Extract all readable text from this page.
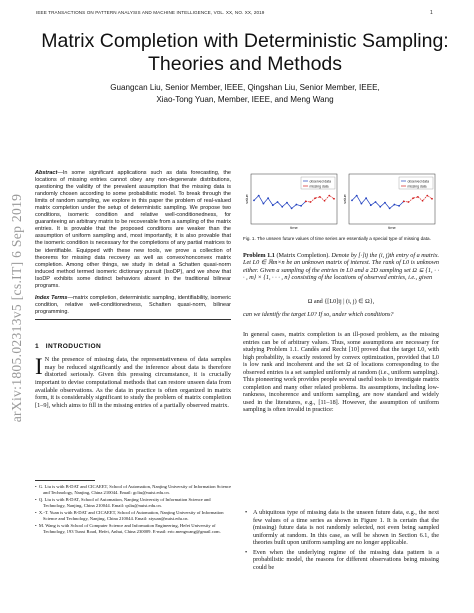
IEEE TRANSACTIONS ON PATTERN ANALYSIS AND MACHINE INTELLIGENCE, VOL. XX, NO. XX, 2019	1
Matrix Completion with Deterministic Sampling: Theories and Methods
Guangcan Liu, Senior Member, IEEE, Qingshan Liu, Senior Member, IEEE,
Xiao-Tong Yuan, Member, IEEE, and Meng Wang
arXiv:1805.02313v5 [cs.IT] 6 Sep 2019
Abstract—In some significant applications such as data forecasting, the locations of missing entries cannot obey any non-degenerate distributions, questioning the validity of the prevalent assumption that the missing data is randomly chosen according to some probabilistic model. To break through the limits of random sampling, we explore in this paper the problem of real-valued matrix completion under the setup of deterministic sampling. We propose two conditions, isomeric condition and relative well-conditionedness, for guaranteeing an arbitrary matrix to be recoverable from a sampling of the matrix entries. It is provable that the proposed conditions are weaker than the assumption of uniform sampling and, most importantly, it is also provable that the isomeric condition is necessary for the completions of any partial matrices to be identifiable. Equipped with these new tools, we prove a collection of theorems for missing data recovery as well as convex/nonconvex matrix completion. Among other things, we study in detail a Schatten quasi-norm induced method termed isomeric dictionary pursuit (IsoDP), and we show that IsoDP exhibits some distinct behaviors absent in the traditional bilinear programs.
Index Terms—matrix completion, deterministic sampling, identifiability, isomeric condition, relative well-conditionedness, Schatten quasi-norm, bilinear programming.
1 INTRODUCTION
I N the presence of missing data, the representativeness of data samples may be reduced significantly and the inference about data is therefore distorted seriously. Given this pressing circumstance, it is crucially important to devise computational methods that can restore unseen data from available observations. As the data in practice is often organized in matrix form, it is considerably significant to study the problem of matrix completion [1–9], which aims to fill in the missing entries of a partially observed matrix.
•  G. Liu is with B-DAT and CICAEET, School of Automation, Nanjing University of Information Science and Technology, Nanjing, China 210044. Email: gcliu@nuist.edu.cn.
•  Q. Liu is with B-DAT, School of Automation, Nanjing University of Information Science and Technology, Nanjing, China 210044. Email: qsliu@nuist.edu.cn.
•  X.-T. Yuan is with B-DAT and CICAEET, School of Automation, Nanjing University of Information Science and Technology, Nanjing, China 210044. Email: xtyuan@nuist.edu.cn.
•  M. Wang is with School of Computer Science and Information Engineering, Hefei University of Technology, 193 Tunxi Road, Hefei, Anhui, China 230009. E-mail: eric.mengwang@gmail.com.
observed data
missing data
time
value
observed data
missing data
time
value
Fig. 1. The unseen future values of time series are essentially a special type of missing data.
Problem 1.1 (Matrix Completion). Denote by [·]ij the (i, j)th entry of a matrix. Let L0 ∈ ℝm×n be an unknown matrix of interest. The rank of L0 is unknown either. Given a sampling of the entries in L0 and a 2D sampling set Ω ⊆ {1, · · · , m} × {1, · · · , n} consisting of the locations of observed entries, i.e., given
Ω and {[L0]ij | (i, j) ∈ Ω},
can we identify the target L0? If so, under which conditions?
In general cases, matrix completion is an ill-posed problem, as the missing entries can be of arbitrary values. Thus, some assumptions are necessary for studying Problem 1.1. Candès and Recht [10] proved that the target L0, with high probability, is exactly restored by convex optimization, provided that L0 is low rank and incoherent and the set Ω of locations corresponding to the observed entries is a set sampled uniformly at random (i.e., uniform sampling). This pioneering work provides people several useful tools to investigate matrix completion and many other related problems. Its assumptions, including low-rankness, incoherence and uniform sampling, are now standard and widely used in the literatures, e.g., [11–18]. However, the assumption of uniform sampling is often invalid in practice:
• A ubiquitous type of missing data is the unseen future data, e.g., the next few values of a time series as shown in Figure 1. It is certain that the (missing) future data is not randomly selected, not even being sampled uniformly at random. In this case, as will be shown in Section 6.1, the theories built upon uniform sampling are no longer applicable.
• Even when the underlying regime of the missing data pattern is a probabilistic model, the reasons for different observations being missing could be
